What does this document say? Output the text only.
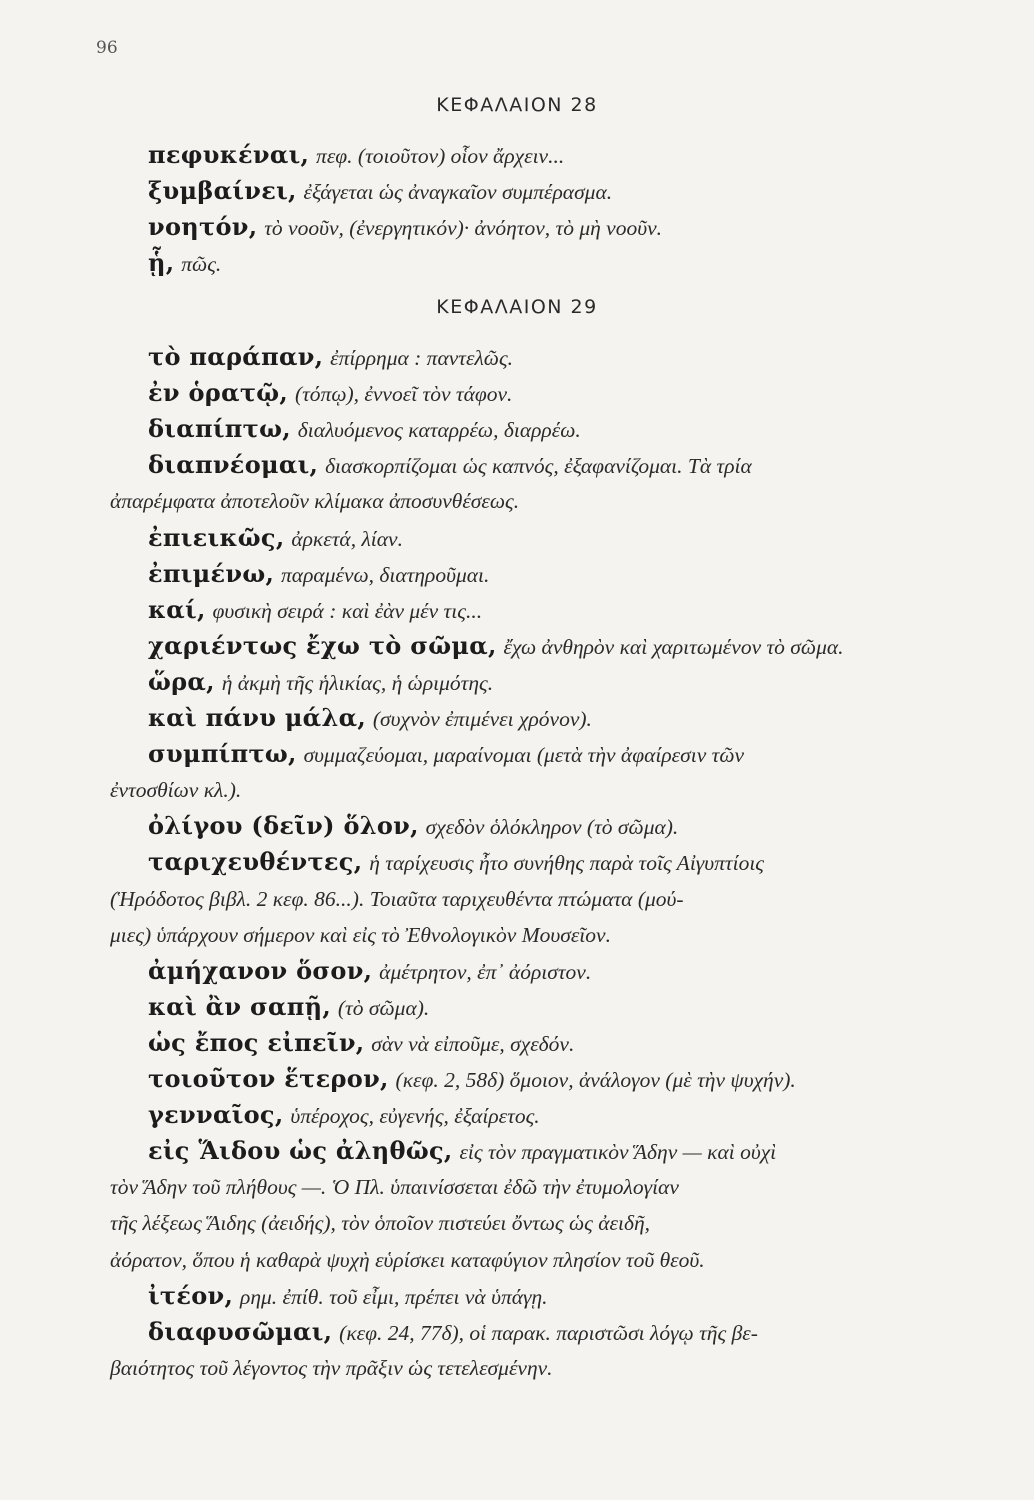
96
ΚΕΦΑΛΑΙΟΝ 28
ΚΕΦΑΛΑΙΟΝ 29
πεφυκέναι, πεφ. (τοιοῦτον) οἷον ἄρχειν...
ξυμβαίνει, ἐξάγεται ὡς ἀναγκαῖον συμπέρασμα.
νοητόν, τὸ νοοῦν, (ἐνεργητικόν)· ἀνόητον, τὸ μὴ νοοῦν.
ᾗ, πῶς.
τὸ παράπαν, ἐπίρρημα : παντελῶς.
ἐν ὁρατῷ, (τόπῳ), ἐννοεῖ τὸν τάφον.
διαπίπτω, διαλυόμενος καταρρέω, διαρρέω.
διαπνέομαι, διασκορπίζομαι ὡς καπνός, ἐξαφανίζομαι. Τὰ τρία
ἀπαρέμφατα ἀποτελοῦν κλίμακα ἀποσυνθέσεως.
ἐπιεικῶς, ἀρκετά, λίαν.
ἐπιμένω, παραμένω, διατηροῦμαι.
καί, φυσικὴ σειρά : καὶ ἐὰν μέν τις...
χαριέντως ἔχω τὸ σῶμα, ἔχω ἀνθηρὸν καὶ χαριτωμένον τὸ σῶμα.
ὥρα, ἡ ἀκμὴ τῆς ἡλικίας, ἡ ὡριμότης.
καὶ πάνυ μάλα, (συχνὸν ἐπιμένει χρόνον).
συμπίπτω, συμμαζεύομαι, μαραίνομαι (μετὰ τὴν ἀφαίρεσιν τῶν
ἐντοσθίων κλ.).
ὀλίγου (δεῖν) ὅλον, σχεδὸν ὁλόκληρον (τὸ σῶμα).
ταριχευθέντες, ἡ ταρίχευσις ἦτο συνήθης παρὰ τοῖς Αἰγυπτίοις
(Ἡρόδοτος βιβλ. 2 κεφ. 86...). Τοιαῦτα ταριχευθέντα πτώματα (μού-
μιες) ὑπάρχουν σήμερον καὶ εἰς τὸ Ἐθνολογικὸν Μουσεῖον.
ἀμήχανον ὅσον, ἀμέτρητον, ἐπ᾽ ἀόριστον.
καὶ ἂν σαπῇ, (τὸ σῶμα).
ὡς ἔπος εἰπεῖν, σὰν νὰ εἰποῦμε, σχεδόν.
τοιοῦτον ἕτερον, (κεφ. 2, 58δ) ὅμοιον, ἀνάλογον (μὲ τὴν ψυχήν).
γενναῖος, ὑπέροχος, εὐγενής, ἐξαίρετος.
εἰς Ἅιδου ὡς ἀληθῶς, εἰς τὸν πραγματικὸν Ἅδην — καὶ οὐχὶ
τὸν Ἅδην τοῦ πλήθους —. Ὁ Πλ. ὑπαινίσσεται ἐδῶ τὴν ἐτυμολογίαν
τῆς λέξεως Ἅιδης (ἀειδής), τὸν ὁποῖον πιστεύει ὄντως ὡς ἀειδῆ,
ἀόρατον, ὅπου ἡ καθαρὰ ψυχὴ εὑρίσκει καταφύγιον πλησίον τοῦ θεοῦ.
ἰτέον, ρημ. ἐπίθ. τοῦ εἶμι, πρέπει νὰ ὑπάγῃ.
διαφυσῶμαι, (κεφ. 24, 77δ), οἱ παρακ. παριστῶσι λόγῳ τῆς βε-
βαιότητος τοῦ λέγοντος τὴν πρᾶξιν ὡς τετελεσμένην.
